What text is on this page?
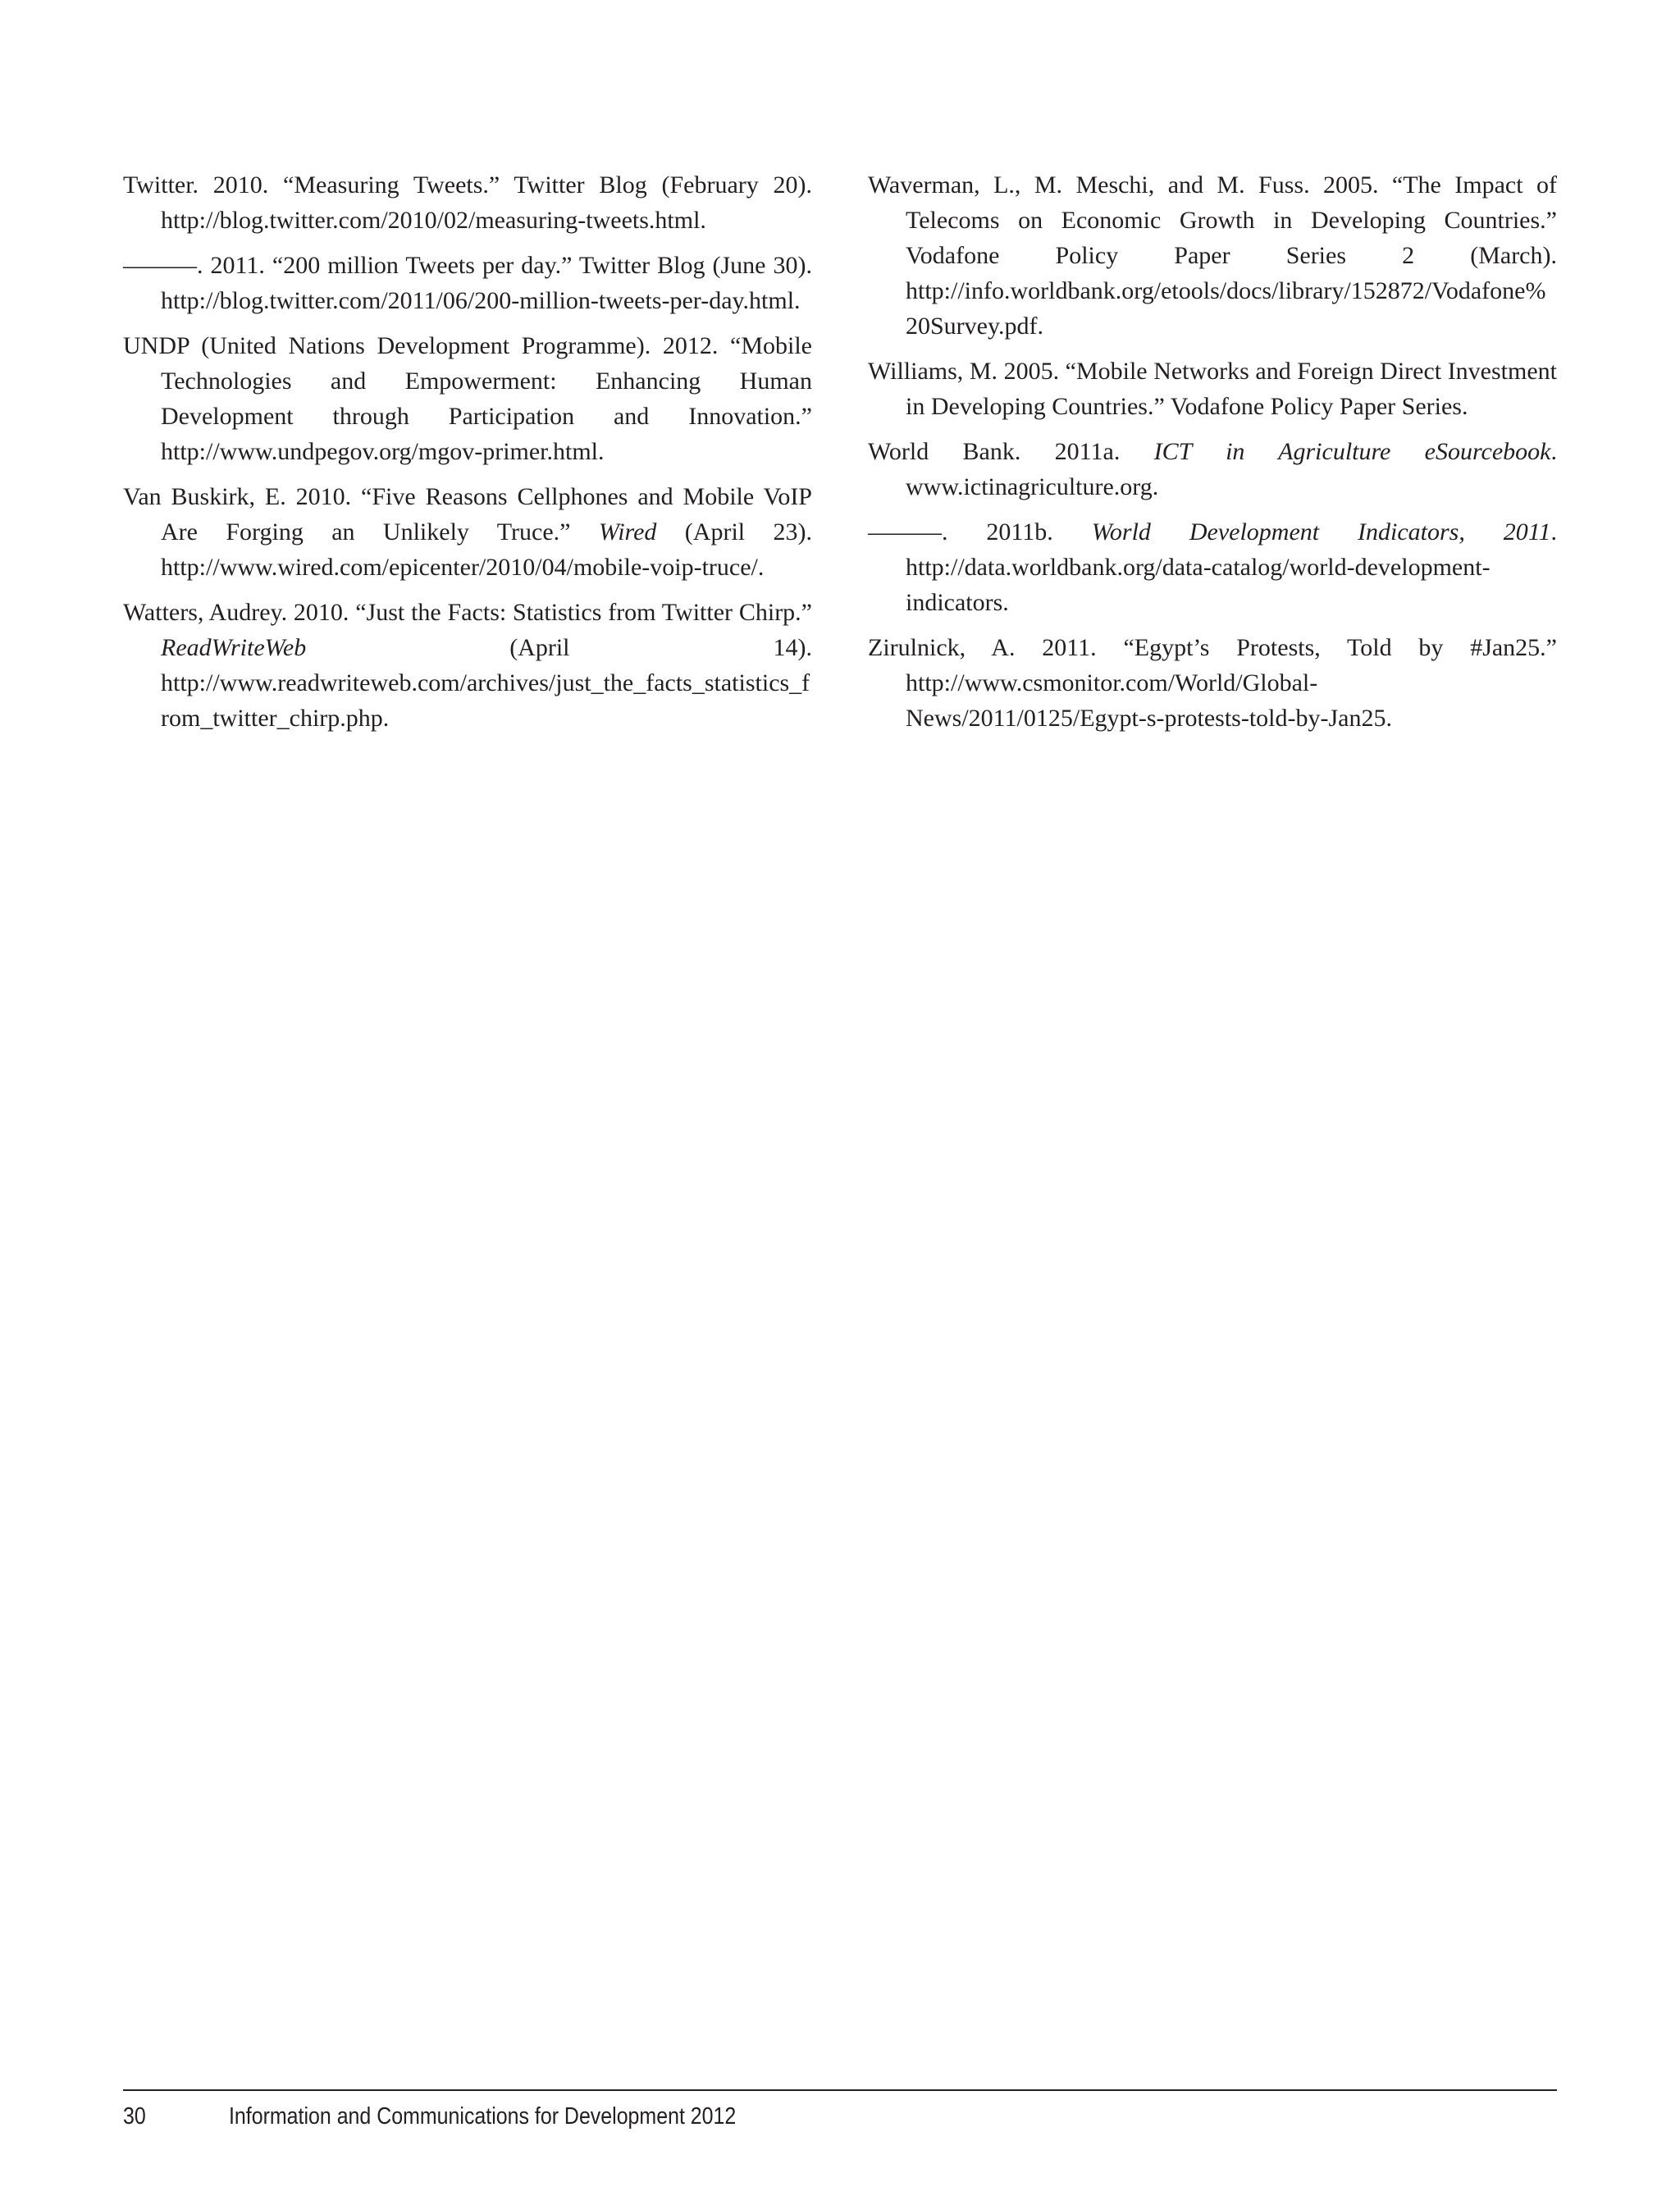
Twitter. 2010. “Measuring Tweets.” Twitter Blog (February 20). http://blog.twitter.com/2010/02/measuring-tweets.html.

———. 2011. “200 million Tweets per day.” Twitter Blog (June 30). http://blog.twitter.com/2011/06/200-million-tweets-per-day.html.

UNDP (United Nations Development Programme). 2012. “Mobile Technologies and Empowerment: Enhancing Human Development through Participation and Innovation.” http://www.undpegov.org/mgov-primer.html.

Van Buskirk, E. 2010. “Five Reasons Cellphones and Mobile VoIP Are Forging an Unlikely Truce.” Wired (April 23). http://www.wired.com/epicenter/2010/04/mobile-voip-truce/.

Watters, Audrey. 2010. “Just the Facts: Statistics from Twitter Chirp.” ReadWriteWeb (April 14). http://www.readwriteweb.com/archives/just_the_facts_statistics_from_twitter_chirp.php.

Waverman, L., M. Meschi, and M. Fuss. 2005. “The Impact of Telecoms on Economic Growth in Developing Countries.” Vodafone Policy Paper Series 2 (March). http://info.worldbank.org/etools/docs/library/152872/Vodafone%20Survey.pdf.

Williams, M. 2005. “Mobile Networks and Foreign Direct Investment in Developing Countries.” Vodafone Policy Paper Series.

World Bank. 2011a. ICT in Agriculture eSourcebook. www.ictinagriculture.org.

———. 2011b. World Development Indicators, 2011. http://data.worldbank.org/data-catalog/world-development-indicators.

Zirulnick, A. 2011. “Egypt’s Protests, Told by #Jan25.” http://www.csmonitor.com/World/Global-News/2011/0125/Egypt-s-protests-told-by-Jan25.

30	Information and Communications for Development 2012
